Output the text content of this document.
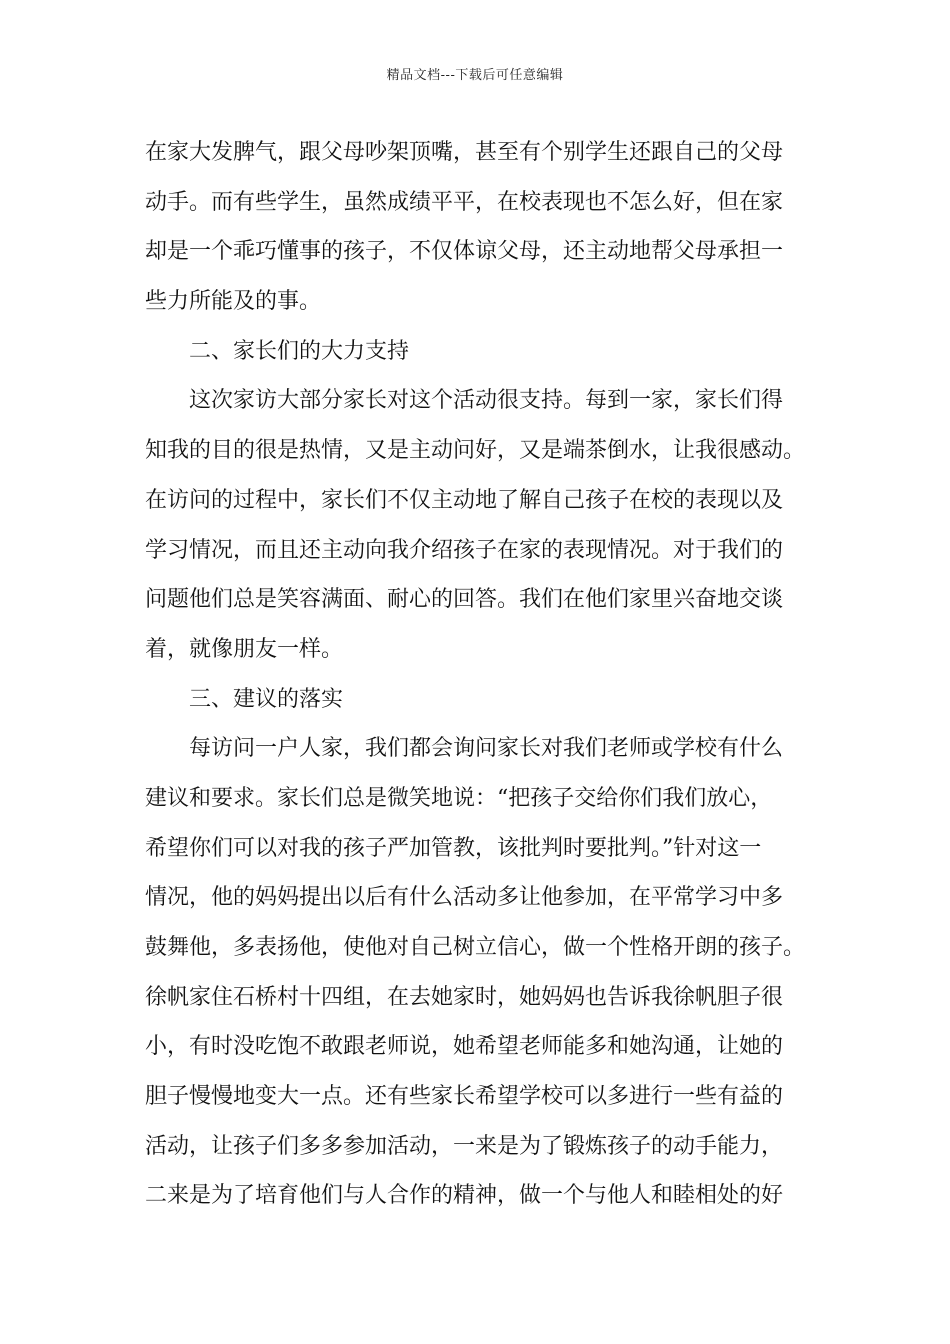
精品文档---下载后可任意编辑
在家大发脾气，跟父母吵架顶嘴，甚至有个别学生还跟自己的父母
动手。而有些学生，虽然成绩平平，在校表现也不怎么好，但在家
却是一个乖巧懂事的孩子，不仅体谅父母，还主动地帮父母承担一
些力所能及的事。
二、家长们的大力支持
这次家访大部分家长对这个活动很支持。每到一家，家长们得
知我的目的很是热情，又是主动问好，又是端茶倒水，让我很感动。
在访问的过程中，家长们不仅主动地了解自己孩子在校的表现以及
学习情况，而且还主动向我介绍孩子在家的表现情况。对于我们的
问题他们总是笑容满面、耐心的回答。我们在他们家里兴奋地交谈
着，就像朋友一样。
三、建议的落实
每访问一户人家，我们都会询问家长对我们老师或学校有什么
建议和要求。家长们总是微笑地说：“把孩子交给你们我们放心，
希望你们可以对我的孩子严加管教，该批判时要批判。”针对这一
情况，他的妈妈提出以后有什么活动多让他参加，在平常学习中多
鼓舞他，多表扬他，使他对自己树立信心，做一个性格开朗的孩子。
徐帆家住石桥村十四组，在去她家时，她妈妈也告诉我徐帆胆子很
小，有时没吃饱不敢跟老师说，她希望老师能多和她沟通，让她的
胆子慢慢地变大一点。还有些家长希望学校可以多进行一些有益的
活动，让孩子们多多参加活动，一来是为了锻炼孩子的动手能力，
二来是为了培育他们与人合作的精神，做一个与他人和睦相处的好
